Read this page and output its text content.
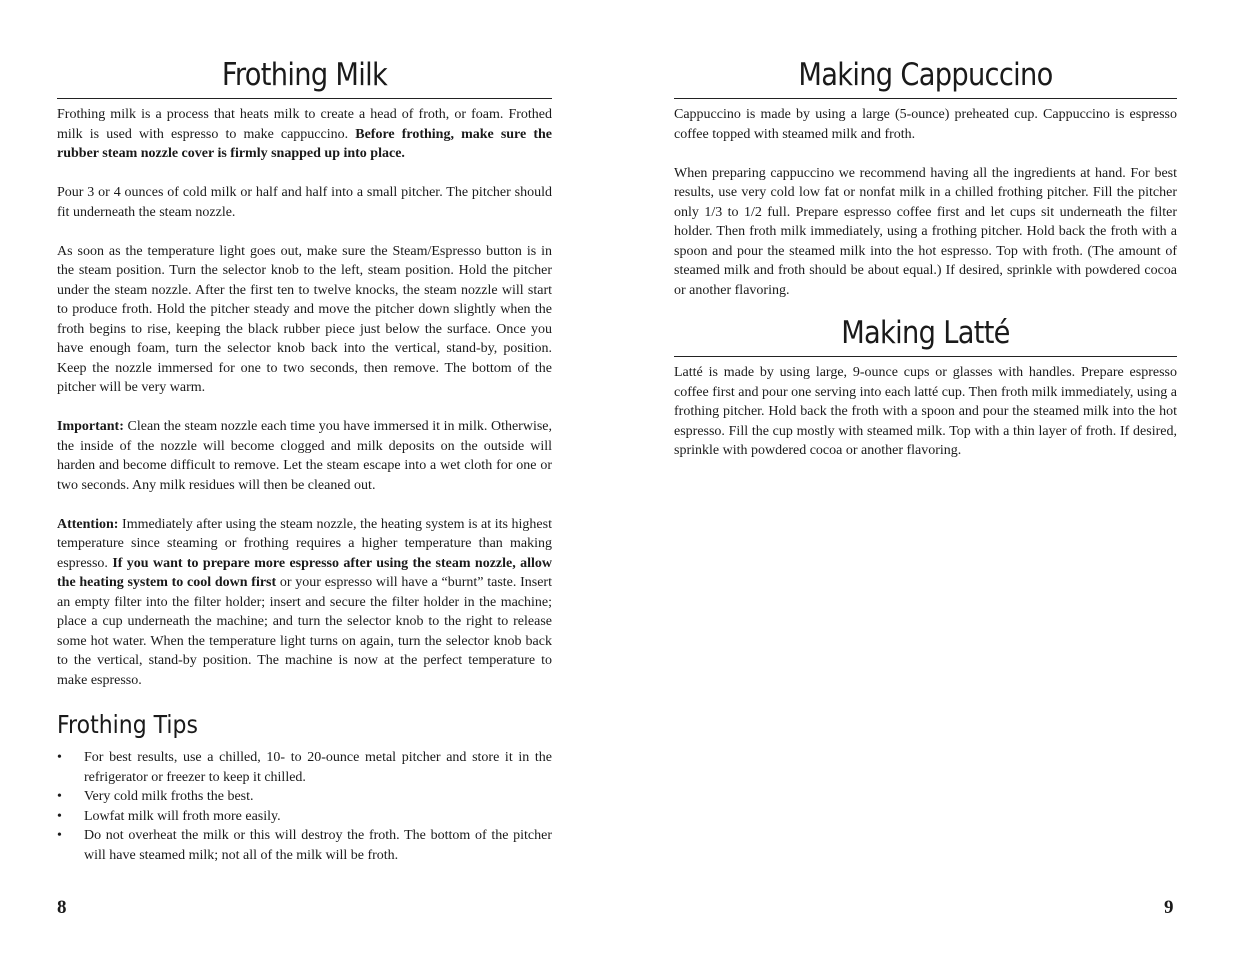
Frothing Milk

Frothing milk is a process that heats milk to create a head of froth, or foam. Frothed milk is used with espresso to make cappuccino. Before frothing, make sure the rubber steam nozzle cover is firmly snapped up into place.

Pour 3 or 4 ounces of cold milk or half and half into a small pitcher. The pitcher should fit underneath the steam nozzle.

As soon as the temperature light goes out, make sure the Steam/Espresso button is in the steam position. Turn the selector knob to the left, steam position. Hold the pitcher under the steam nozzle. After the first ten to twelve knocks, the steam nozzle will start to produce froth. Hold the pitcher steady and move the pitcher down slightly when the froth begins to rise, keeping the black rubber piece just below the surface. Once you have enough foam, turn the selector knob back into the vertical, stand-by, position. Keep the nozzle immersed for one to two seconds, then remove. The bottom of the pitcher will be very warm.

Important: Clean the steam nozzle each time you have immersed it in milk. Otherwise, the inside of the nozzle will become clogged and milk deposits on the outside will harden and become difficult to remove. Let the steam escape into a wet cloth for one or two seconds. Any milk residues will then be cleaned out.

Attention: Immediately after using the steam nozzle, the heating system is at its highest temperature since steaming or frothing requires a higher temperature than making espresso. If you want to prepare more espresso after using the steam nozzle, allow the heating system to cool down first or your espresso will have a “burnt” taste. Insert an empty filter into the filter holder; insert and secure the filter holder in the machine; place a cup underneath the machine; and turn the selector knob to the right to release some hot water. When the temperature light turns on again, turn the selector knob back to the vertical, stand-by position. The machine is now at the perfect temperature to make espresso.

Frothing Tips
• For best results, use a chilled, 10- to 20-ounce metal pitcher and store it in the refrigerator or freezer to keep it chilled.
• Very cold milk froths the best.
• Lowfat milk will froth more easily.
• Do not overheat the milk or this will destroy the froth. The bottom of the pitcher will have steamed milk; not all of the milk will be froth.
8
Making Cappuccino

Cappuccino is made by using a large (5-ounce) preheated cup. Cappuccino is espresso coffee topped with steamed milk and froth.

When preparing cappuccino we recommend having all the ingredients at hand. For best results, use very cold low fat or nonfat milk in a chilled frothing pitcher. Fill the pitcher only 1/3 to 1/2 full. Prepare espresso coffee first and let cups sit underneath the filter holder. Then froth milk immediately, using a frothing pitcher. Hold back the froth with a spoon and pour the steamed milk into the hot espresso. Top with froth. (The amount of steamed milk and froth should be about equal.) If desired, sprinkle with powdered cocoa or another flavoring.

Making Latté

Latté is made by using large, 9-ounce cups or glasses with handles. Prepare espresso coffee first and pour one serving into each latté cup. Then froth milk immediately, using a frothing pitcher. Hold back the froth with a spoon and pour the steamed milk into the hot espresso. Fill the cup mostly with steamed milk. Top with a thin layer of froth. If desired, sprinkle with powdered cocoa or another flavoring.

9
